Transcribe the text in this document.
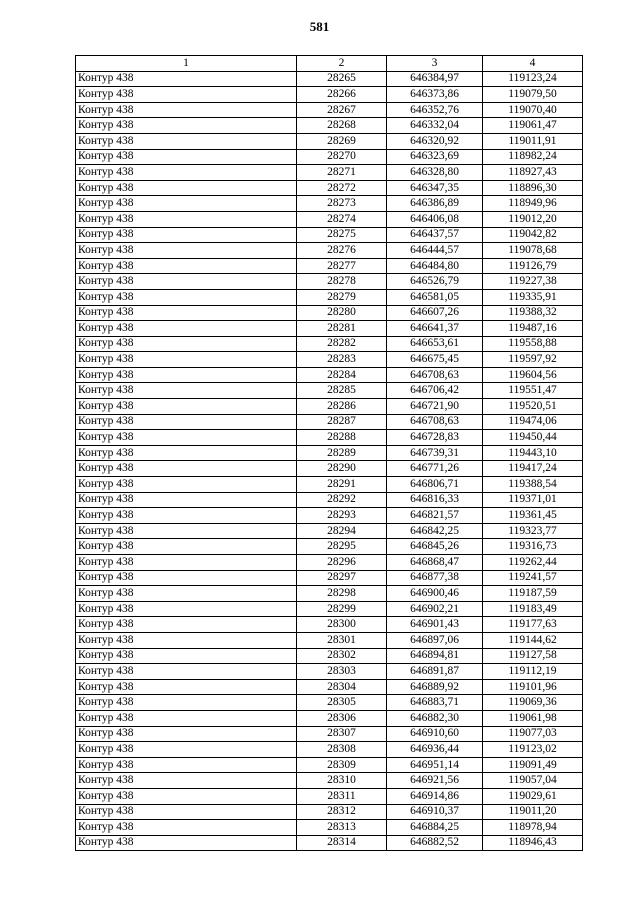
581
1	2	3	4
Контур 438	28265	646384,97	119123,24
Контур 438	28266	646373,86	119079,50
Контур 438	28267	646352,76	119070,40
Контур 438	28268	646332,04	119061,47
Контур 438	28269	646320,92	119011,91
Контур 438	28270	646323,69	118982,24
Контур 438	28271	646328,80	118927,43
Контур 438	28272	646347,35	118896,30
Контур 438	28273	646386,89	118949,96
Контур 438	28274	646406,08	119012,20
Контур 438	28275	646437,57	119042,82
Контур 438	28276	646444,57	119078,68
Контур 438	28277	646484,80	119126,79
Контур 438	28278	646526,79	119227,38
Контур 438	28279	646581,05	119335,91
Контур 438	28280	646607,26	119388,32
Контур 438	28281	646641,37	119487,16
Контур 438	28282	646653,61	119558,88
Контур 438	28283	646675,45	119597,92
Контур 438	28284	646708,63	119604,56
Контур 438	28285	646706,42	119551,47
Контур 438	28286	646721,90	119520,51
Контур 438	28287	646708,63	119474,06
Контур 438	28288	646728,83	119450,44
Контур 438	28289	646739,31	119443,10
Контур 438	28290	646771,26	119417,24
Контур 438	28291	646806,71	119388,54
Контур 438	28292	646816,33	119371,01
Контур 438	28293	646821,57	119361,45
Контур 438	28294	646842,25	119323,77
Контур 438	28295	646845,26	119316,73
Контур 438	28296	646868,47	119262,44
Контур 438	28297	646877,38	119241,57
Контур 438	28298	646900,46	119187,59
Контур 438	28299	646902,21	119183,49
Контур 438	28300	646901,43	119177,63
Контур 438	28301	646897,06	119144,62
Контур 438	28302	646894,81	119127,58
Контур 438	28303	646891,87	119112,19
Контур 438	28304	646889,92	119101,96
Контур 438	28305	646883,71	119069,36
Контур 438	28306	646882,30	119061,98
Контур 438	28307	646910,60	119077,03
Контур 438	28308	646936,44	119123,02
Контур 438	28309	646951,14	119091,49
Контур 438	28310	646921,56	119057,04
Контур 438	28311	646914,86	119029,61
Контур 438	28312	646910,37	119011,20
Контур 438	28313	646884,25	118978,94
Контур 438	28314	646882,52	118946,43
